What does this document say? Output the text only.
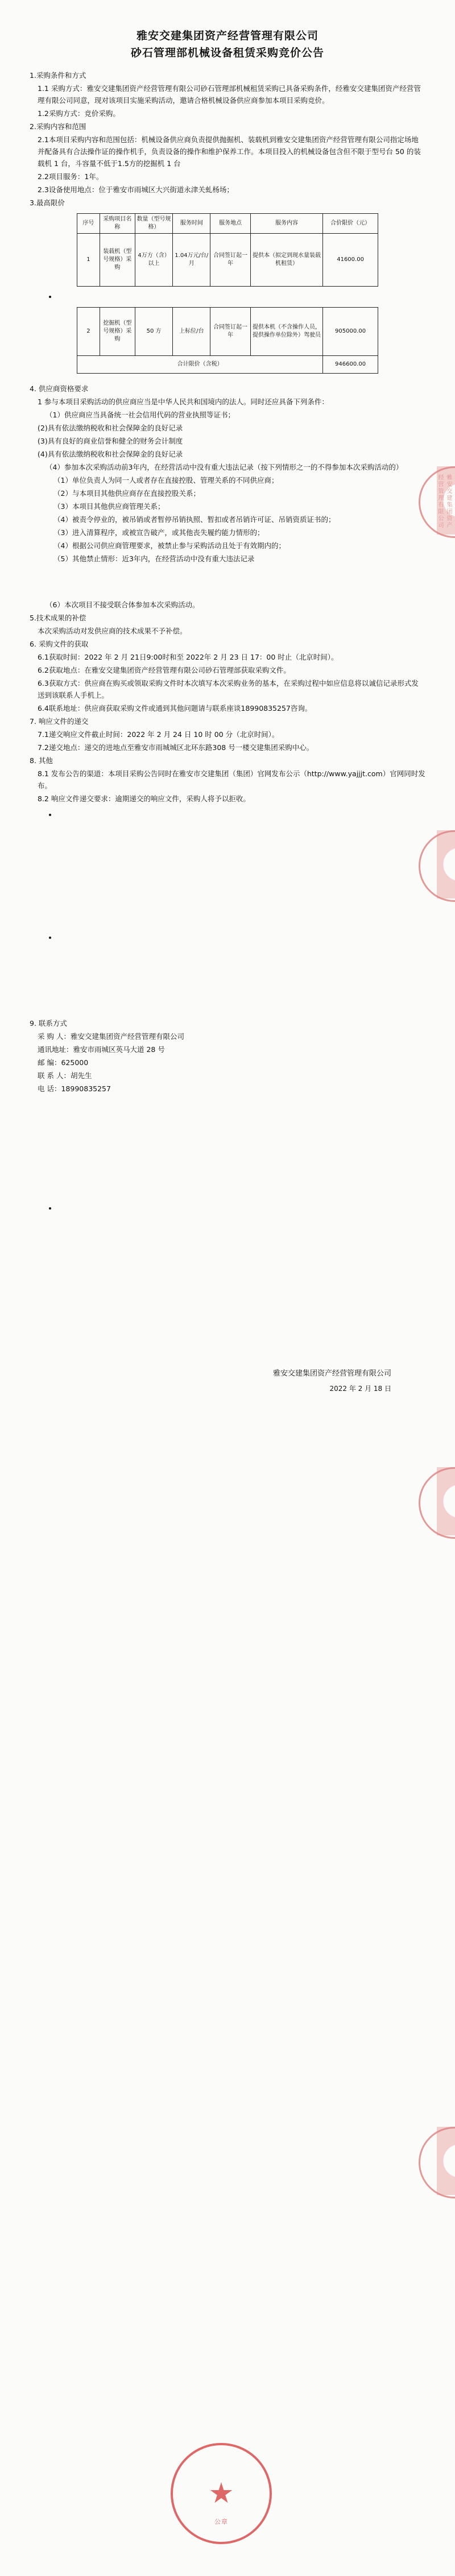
雅安交建集团资产经营管理有限公司
砂石管理部机械设备租赁采购竞价公告
1.采购条件和方式
1.1 采购方式：雅安交建集团资产经营管理有限公司砂石管理部机械租赁采购已具备采购条件，经雅安交建集团资产经营管理有限公司同意，现对该项目实施采购活动，邀请合格机械设备供应商参加本项目采购竞价。
1.2采购方式：竞价采购。
2.采购内容和范围
2.1本项目采购内容和范围包括：机械设备供应商负责提供抛掘机、装载机到雅安交建集团资产经营管理有限公司指定场地并配备具有合法操作证的操作机手，负责设备的操作和维护保养工作。本项目投入的机械设备包含但不限于型号台 50 的装载机 1 台，斗容量不低于1.5方的挖掘机 1 台
2.2项目服务：1年。
2.3设备使用地点：位于雅安市雨城区大兴街道永津关虬杨场；
3.最高限价
序号	采购项目名称	数量（型号规格）	服务时间	服务地点	服务内容	合价限价（元）
1	装载机（型号规格）采购	4万方（含）以上	1.04万元/台/月	合同签订起一年	提供本（拟定到现水量装载机租赁）	41600.00
2	挖掘机（型号规格）采购	50 方	上标位/台	合同签订起一年	提供本机（不含操作人员，提供操作单位除外）驾驶员	905000.00
合计限价（含税）						946600.00
4. 供应商资格要求
1 参与本项目采购活动的供应商应当是中华人民共和国境内的法人。同时还应具备下列条件：
（1）供应商应当具备统一社会信用代码的营业执照等证书；
(2)具有依法缴纳税收和社会保障金的良好记录
(3)具有良好的商业信誉和健全的财务会计制度
(4)具有依法缴纳税收和社会保障金的良好记录
（4）参加本次采购活动前3年内，在经营活动中没有重大违法记录（按下列情形之一的不得参加本次采购活动的）
（1）单位负责人为同一人或者存在直接控股、管理关系的不同供应商；
（2）与本项目其他供应商存在直接控股关系；
（3）本项目其他供应商管理关系；
（4）被责令停业的，被吊销或者暂停吊销执照、暂扣或者吊销许可证、吊销资质证书的；
（3）进入清算程序，或被宣告破产，或其他丧失履约能力情形的；
（4）根据公司供应商管理要求，被禁止参与采购活动且处于有效期内的；
（5）其他禁止情形：近3年内，在经营活动中没有重大违法记录
（6）本次项目不接受联合体参加本次采购活动。
5.技术成果的补偿
本次采购活动对发供应商的技术成果不予补偿。
6. 采购文件的获取
6.1获取时间：2022 年 2 月 21日9:00时和至 2022年 2 月 23 日 17：00 时止（北京时间）。
6.2获取地点：在雅安交建集团资产经营管理有限公司砂石管理部获取采购文件。
6.3获取方式：供应商在购买或领取采购文件时本次填写本次采购业务的基本，在采购过程中如应信息将以诚信记录形式发送到该联系人手机上。
6.4联系地址：供应商获取采购文件或通到其他问题请与联系座谈18990835257咨询。
7. 响应文件的递交
7.1递交响应文件截止时间：2022 年 2 月 24 日 10 时 00 分（北京时间）。
7.2递交地点：递交的进地点至雅安市雨城城区北环东路308 号一楼交建集团采购中心。
8. 其他
8.1 发布公告的渠道：本项目采购公告同时在雅安市交建集团（集团）官网发布公示（http://www.yajjjt.com）官网同时发布。
8.2 响应文件递交要求：逾期递交的响应文件，采购人将予以拒收。
9. 联系方式
采 购 人：雅安交建集团资产经营管理有限公司
通讯地址：雅安市雨城区英马大道 28 号
邮 编：625000
联 系 人：胡先生
电 话：18990835257
雅安交建集团资产经营管理有限公司
2022 年 2 月 18 日
雅安交建集团资产经营管理有限公司
公章
